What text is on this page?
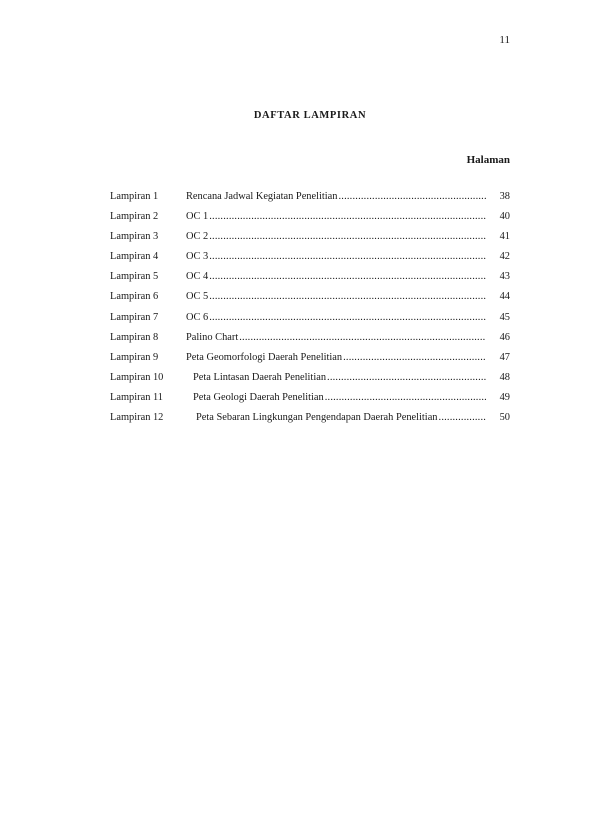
11
DAFTAR LAMPIRAN
Halaman
Lampiran 1	Rencana Jadwal Kegiatan Penelitian .....	38
Lampiran 2	OC 1 .....	40
Lampiran 3	OC 2 .....	41
Lampiran 4	OC 3 .....	42
Lampiran 5	OC 4 .....	43
Lampiran 6	OC 5 .....	44
Lampiran 7	OC 6 .....	45
Lampiran 8	Palino Chart .....	46
Lampiran 9	Peta Geomorfologi Daerah Penelitian .....	47
Lampiran 10	Peta Lintasan Daerah Penelitian .....	48
Lampiran 11	Peta Geologi Daerah Penelitian .....	49
Lampiran 12	Peta Sebaran Lingkungan Pengendapan Daerah Penelitian .....	50
